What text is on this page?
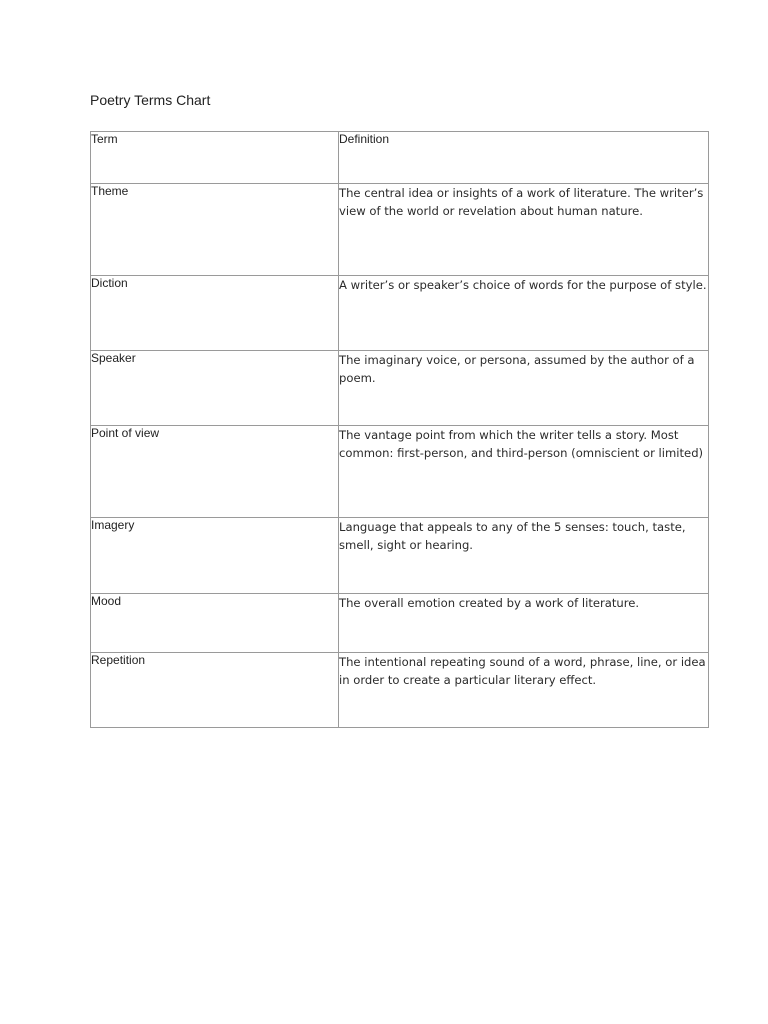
Poetry Terms Chart
Term	Definition
Theme	The central idea or insights of a work of literature. The writer’s view of the world or revelation about human nature.
Diction	A writer’s or speaker’s choice of words for the purpose of style.
Speaker	The imaginary voice, or persona, assumed by the author of a poem.
Point of view	The vantage point from which the writer tells a story. Most common: first-person, and third-person (omniscient or limited)
Imagery	Language that appeals to any of the 5 senses: touch, taste, smell, sight or hearing.
Mood	The overall emotion created by a work of literature.
Repetition	The intentional repeating sound of a word, phrase, line, or idea in order to create a particular literary effect.
